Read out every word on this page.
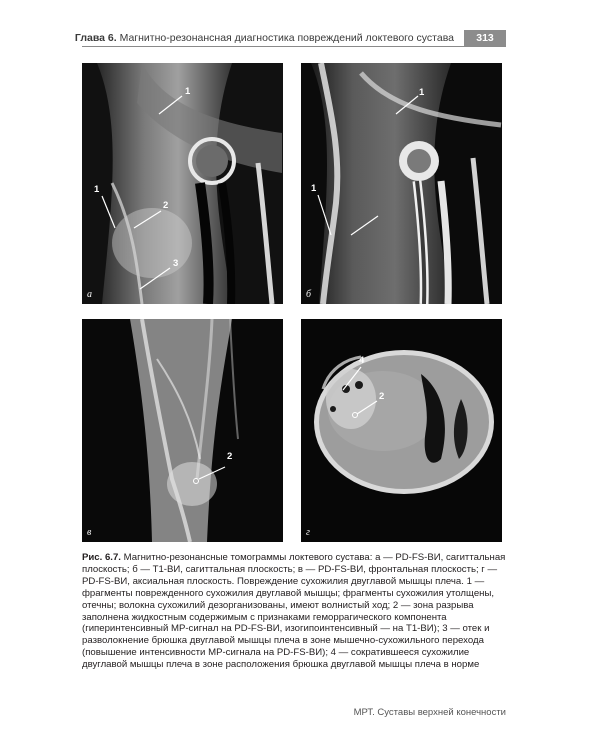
Глава 6. Магнитно-резонансная диагностика повреждений локтевого сустава	313
1
1
2
3
а
1
1
б
2
в
4
2
г
Рис. 6.7. Магнитно-резонансные томограммы локтевого сустава: а — PD-FS-ВИ, сагиттальная плоскость; б — Т1-ВИ, сагиттальная плоскость; в — PD-FS-ВИ, фронтальная плоскость; г — PD-FS-ВИ, аксиальная плоскость. Повреждение сухожилия двуглавой мышцы плеча. 1 — фрагменты поврежденного сухожилия двуглавой мышцы; фрагменты сухожилия утолщены, отечны; волокна сухожилий дезорганизованы, имеют волнистый ход; 2 — зона разрыва заполнена жидкостным содержимым с признаками геморрагического компонента (гиперинтенсивный МР-сигнал на PD-FS-ВИ, изогипоинтенсивный — на Т1-ВИ); 3 — отек и разволокнение брюшка двуглавой мышцы плеча в зоне мышечно-сухожильного перехода (повышение интенсивности МР-сигнала на PD-FS-ВИ); 4 — сократившееся сухожилие двуглавой мышцы плеча в зоне расположения брюшка двуглавой мышцы плеча в норме
МРТ. Суставы верхней конечности
